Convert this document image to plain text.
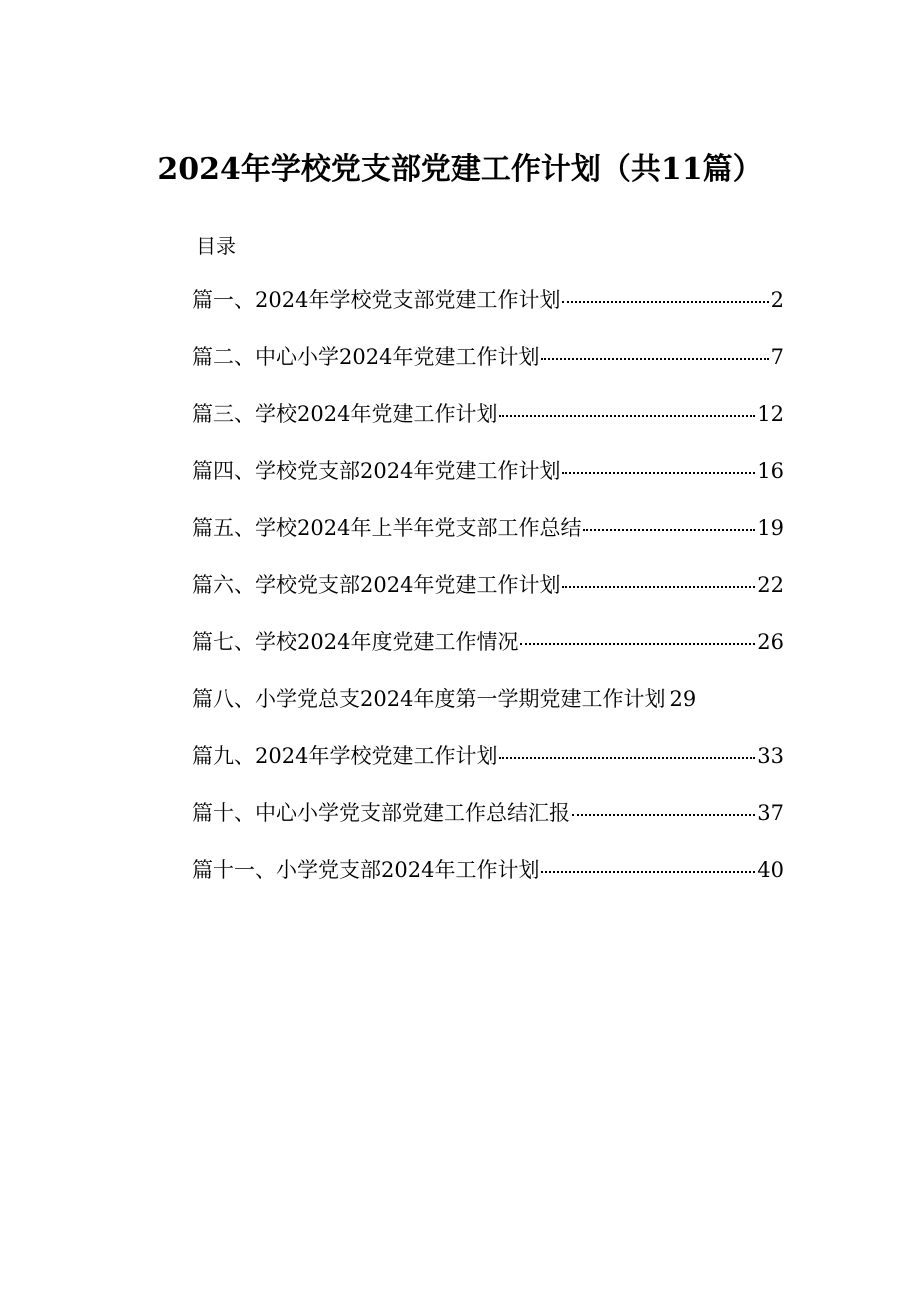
2024年学校党支部党建工作计划（共11篇）
目录
篇一、2024年学校党支部党建工作计划	2
篇二、中心小学2024年党建工作计划	7
篇三、学校2024年党建工作计划	12
篇四、学校党支部2024年党建工作计划	16
篇五、学校2024年上半年党支部工作总结	19
篇六、学校党支部2024年党建工作计划	22
篇七、学校2024年度党建工作情况	26
篇八、小学党总支2024年度第一学期党建工作计划 29
篇九、2024年学校党建工作计划	33
篇十、中心小学党支部党建工作总结汇报	37
篇十一、小学党支部2024年工作计划	40
